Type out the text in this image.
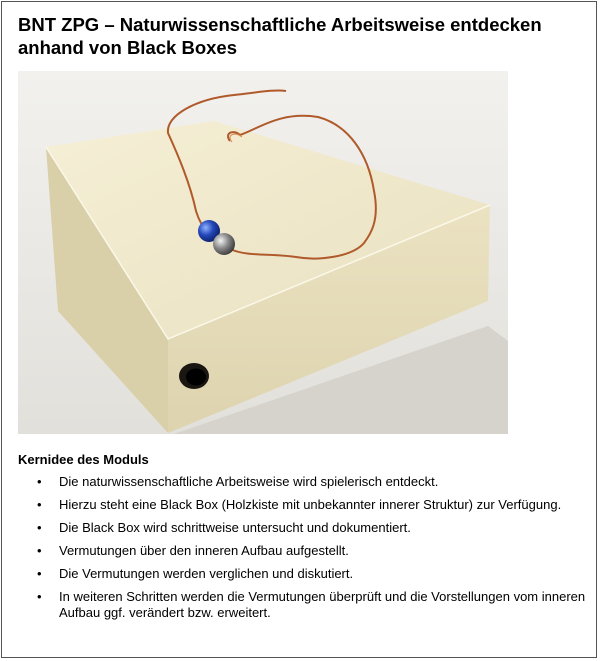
BNT ZPG – Naturwissenschaftliche Arbeitsweise entdecken anhand von Black Boxes
Kernidee des Moduls
• Die naturwissenschaftliche Arbeitsweise wird spielerisch entdeckt.
• Hierzu steht eine Black Box (Holzkiste mit unbekannter innerer Struktur) zur Verfügung.
• Die Black Box wird schrittweise untersucht und dokumentiert.
• Vermutungen über den inneren Aufbau aufgestellt.
• Die Vermutungen werden verglichen und diskutiert.
• In weiteren Schritten werden die Vermutungen überprüft und die Vorstellungen vom inneren Aufbau ggf. verändert bzw. erweitert.
